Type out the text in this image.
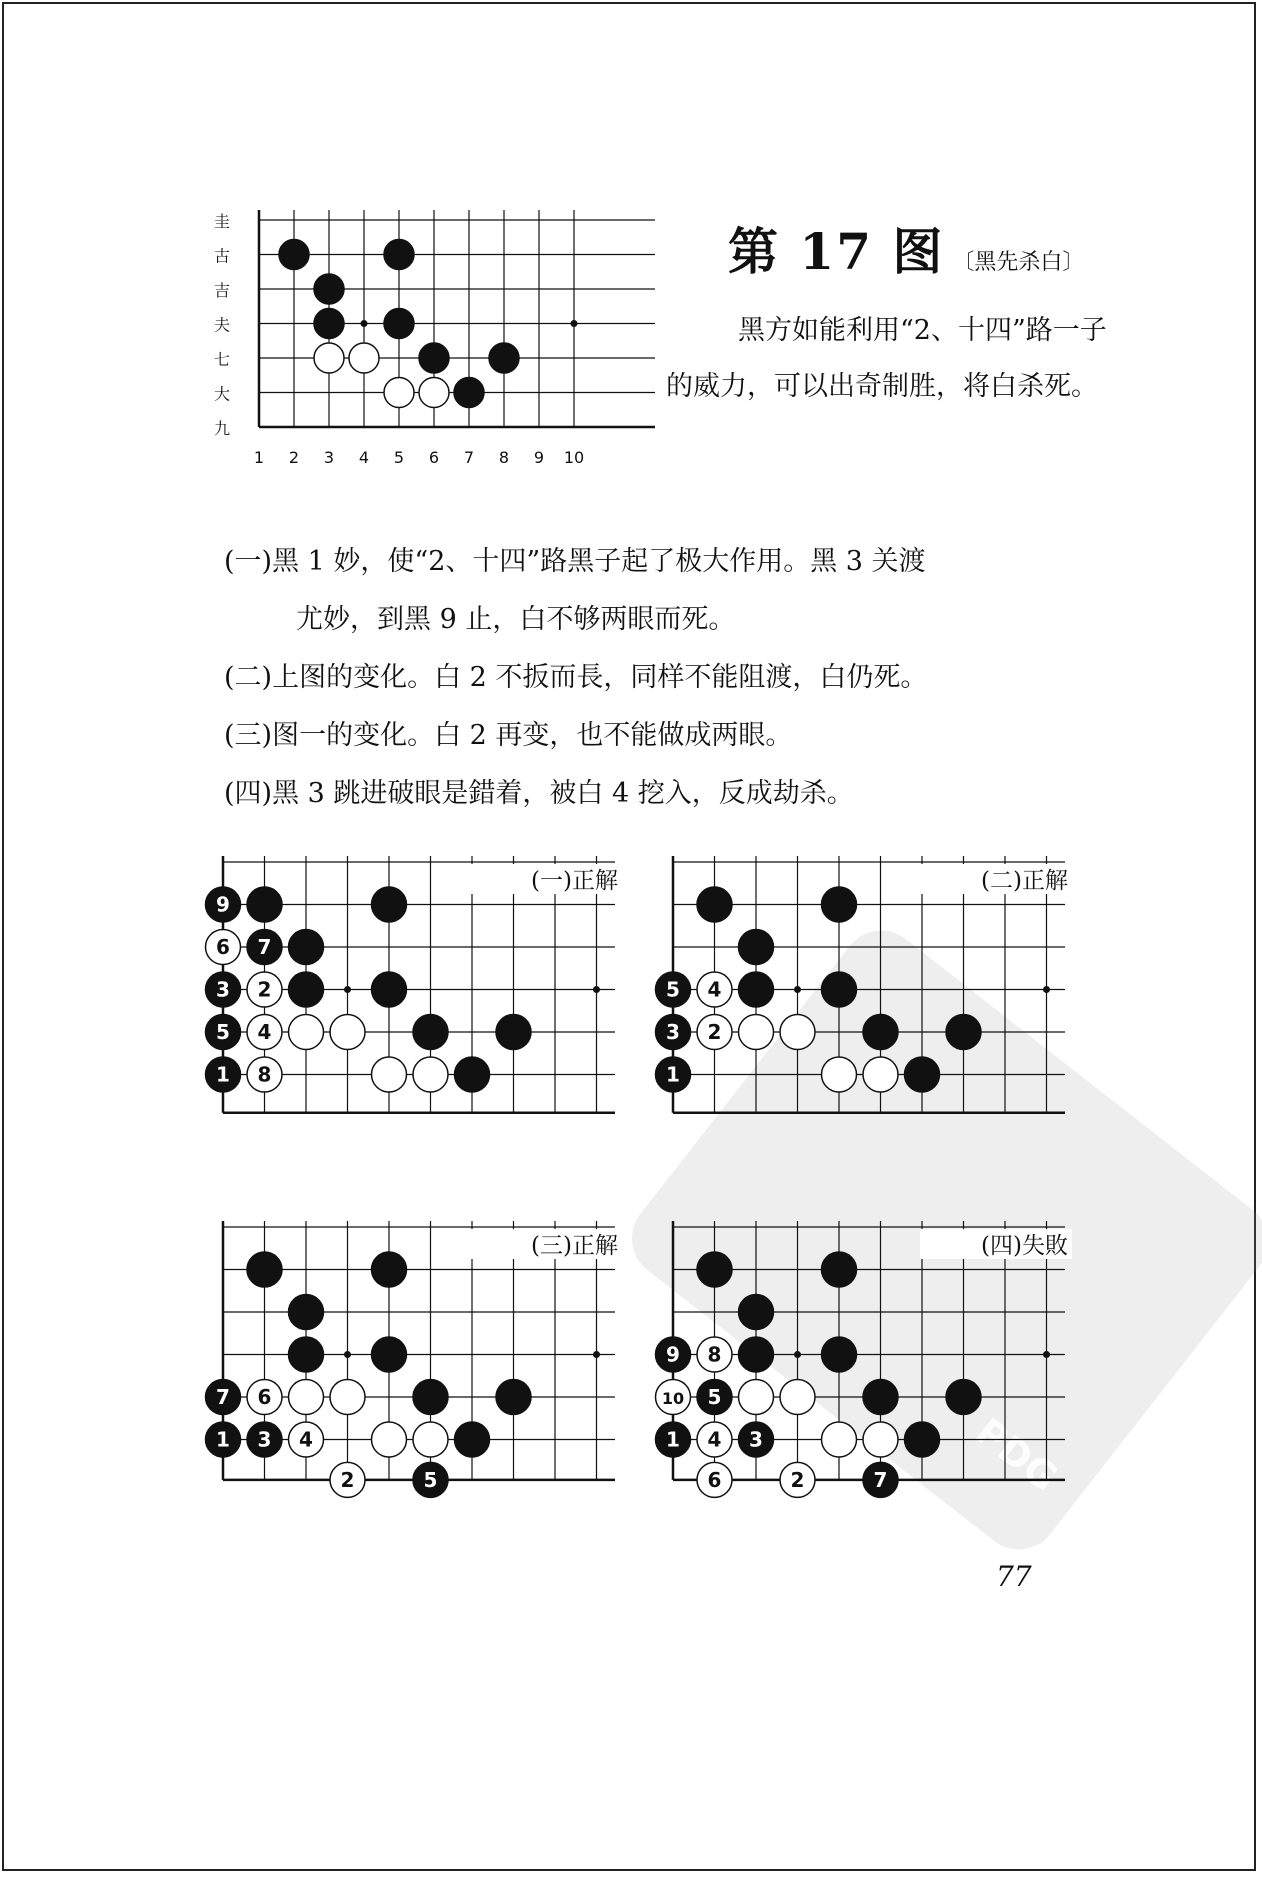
PDG
圭
古
吉
夫
七
大
九
1 2 3 4 5 6 7 8 9 10
第 17 图 〔黑先杀白〕
黑方如能利用“2、十四”路一子的威力，可以出奇制胜，将白杀死。
(一)黑 1 妙，使“2、十四”路黑子起了极大作用。黑 3 关渡
尤妙，到黑 9 止，白不够两眼而死。
(二)上图的变化。白 2 不扳而長，同样不能阻渡，白仍死。
(三)图一的变化。白 2 再变，也不能做成两眼。
(四)黑 3 跳进破眼是錯着，被白 4 挖入，反成劫杀。
(一)正解
9
6 7
3 2
5 4
1 8
(二)正解
5 4
3 2
1
(三)正解
7 6
1 3 4
2	5
(四)失敗
9 8
10 5
1 4 3
6	2	7
77
